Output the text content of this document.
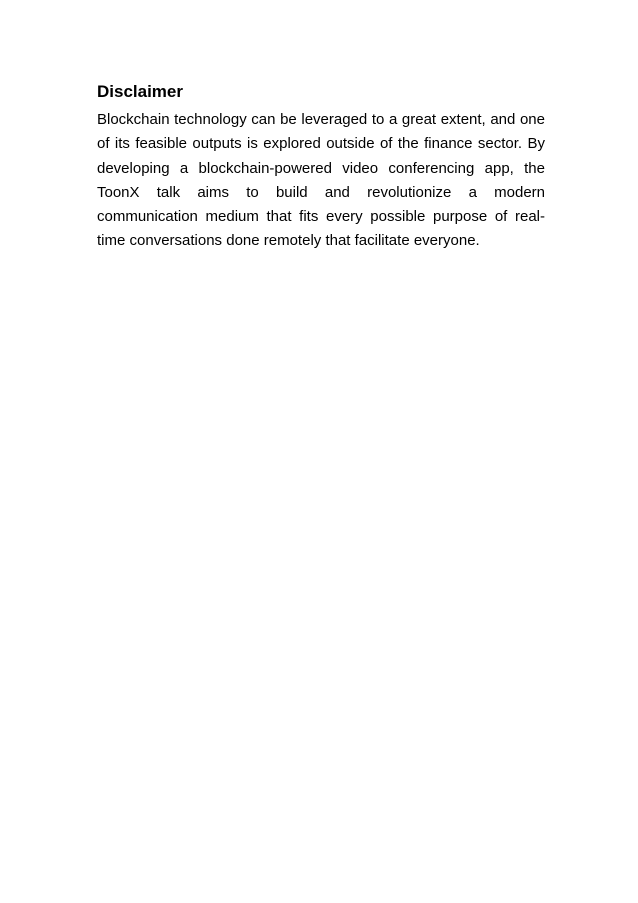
Disclaimer

Blockchain technology can be leveraged to a great extent, and one of its feasible outputs is explored outside of the finance sector. By developing a blockchain-powered video conferencing app, the ToonX talk aims to build and revolutionize a modern communication medium that fits every possible purpose of real-time conversations done remotely that facilitate everyone.
